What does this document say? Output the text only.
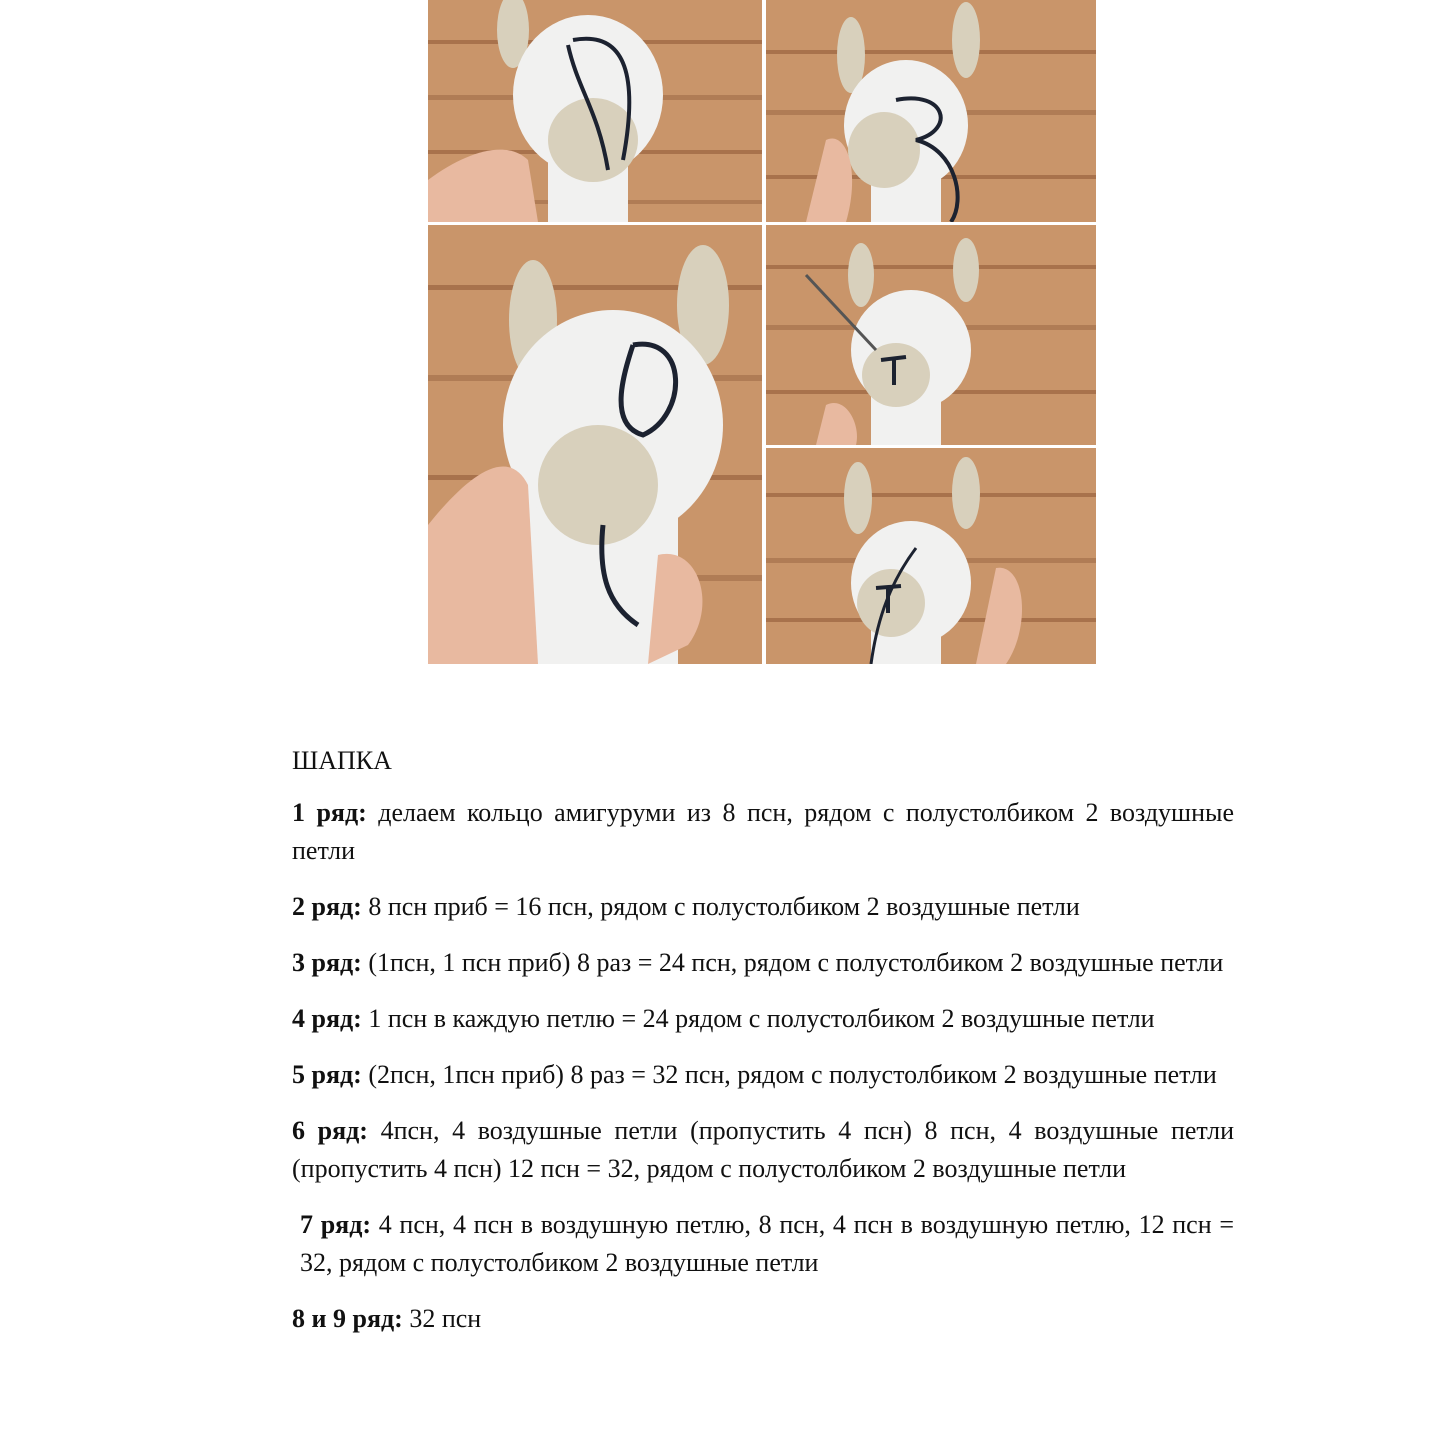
ШАПКА

1 ряд: делаем кольцо амигуруми из 8 псн, рядом с полустолбиком 2 воздушные петли

2 ряд: 8 псн приб = 16 псн, рядом с полустолбиком 2 воздушные петли

3 ряд: (1псн, 1 псн приб) 8 раз = 24 псн, рядом с полустолбиком 2 воздушные петли

4 ряд: 1 псн в каждую петлю = 24 рядом с полустолбиком 2 воздушные петли

5 ряд: (2псн, 1псн приб) 8 раз = 32 псн, рядом с полустолбиком 2 воздушные петли

6 ряд: 4псн, 4 воздушные петли (пропустить 4 псн) 8 псн, 4 воздушные петли (пропустить 4 псн) 12 псн = 32, рядом с полустолбиком 2 воздушные петли

7 ряд: 4 псн, 4 псн в воздушную петлю, 8 псн, 4 псн в воздушную петлю, 12 псн = 32, рядом с полустолбиком 2 воздушные петли

8 и 9 ряд: 32 псн
